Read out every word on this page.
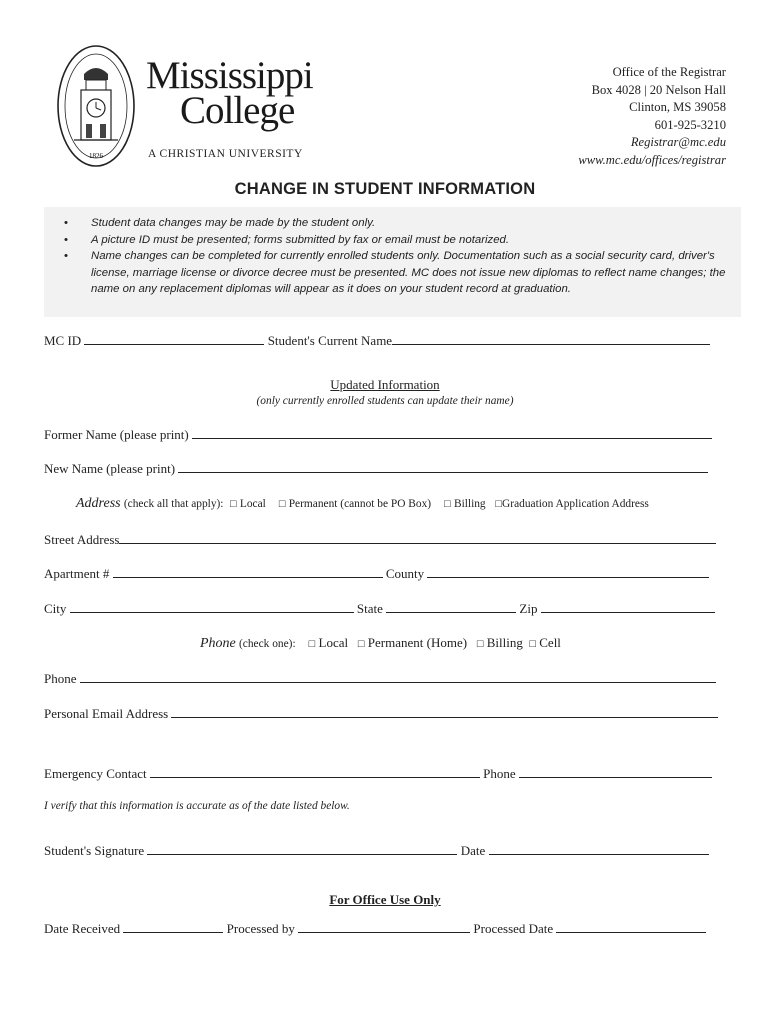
1826
Mississippi
College
A CHRISTIAN UNIVERSITY
Office of the Registrar
Box 4028 | 20 Nelson Hall
Clinton, MS 39058
601-925-3210
Registrar@mc.edu
www.mc.edu/offices/registrar
CHANGE IN STUDENT INFORMATION
• Student data changes may be made by the student only.
• A picture ID must be presented; forms submitted by fax or email must be notarized.
• Name changes can be completed for currently enrolled students only. Documentation such as a social security card, driver's license, marriage license or divorce decree must be presented. MC does not issue new diplomas to reflect name changes; the name on any replacement diplomas will appear as it does on your student record at graduation.
MC ID	Student's Current Name
Updated Information
(only currently enrolled students can update their name)
Former Name (please print)
New Name (please print)
Address (check all that apply): □ Local □ Permanent (cannot be PO Box) □ Billing □Graduation Application Address
Street Address
Apartment #	County
City	State	Zip
Phone (check one): □ Local □ Permanent (Home) □ Billing □ Cell
Phone
Personal Email Address
Emergency Contact	Phone
I verify that this information is accurate as of the date listed below.
Student's Signature	Date
For Office Use Only
Date Received	Processed by	Processed Date
